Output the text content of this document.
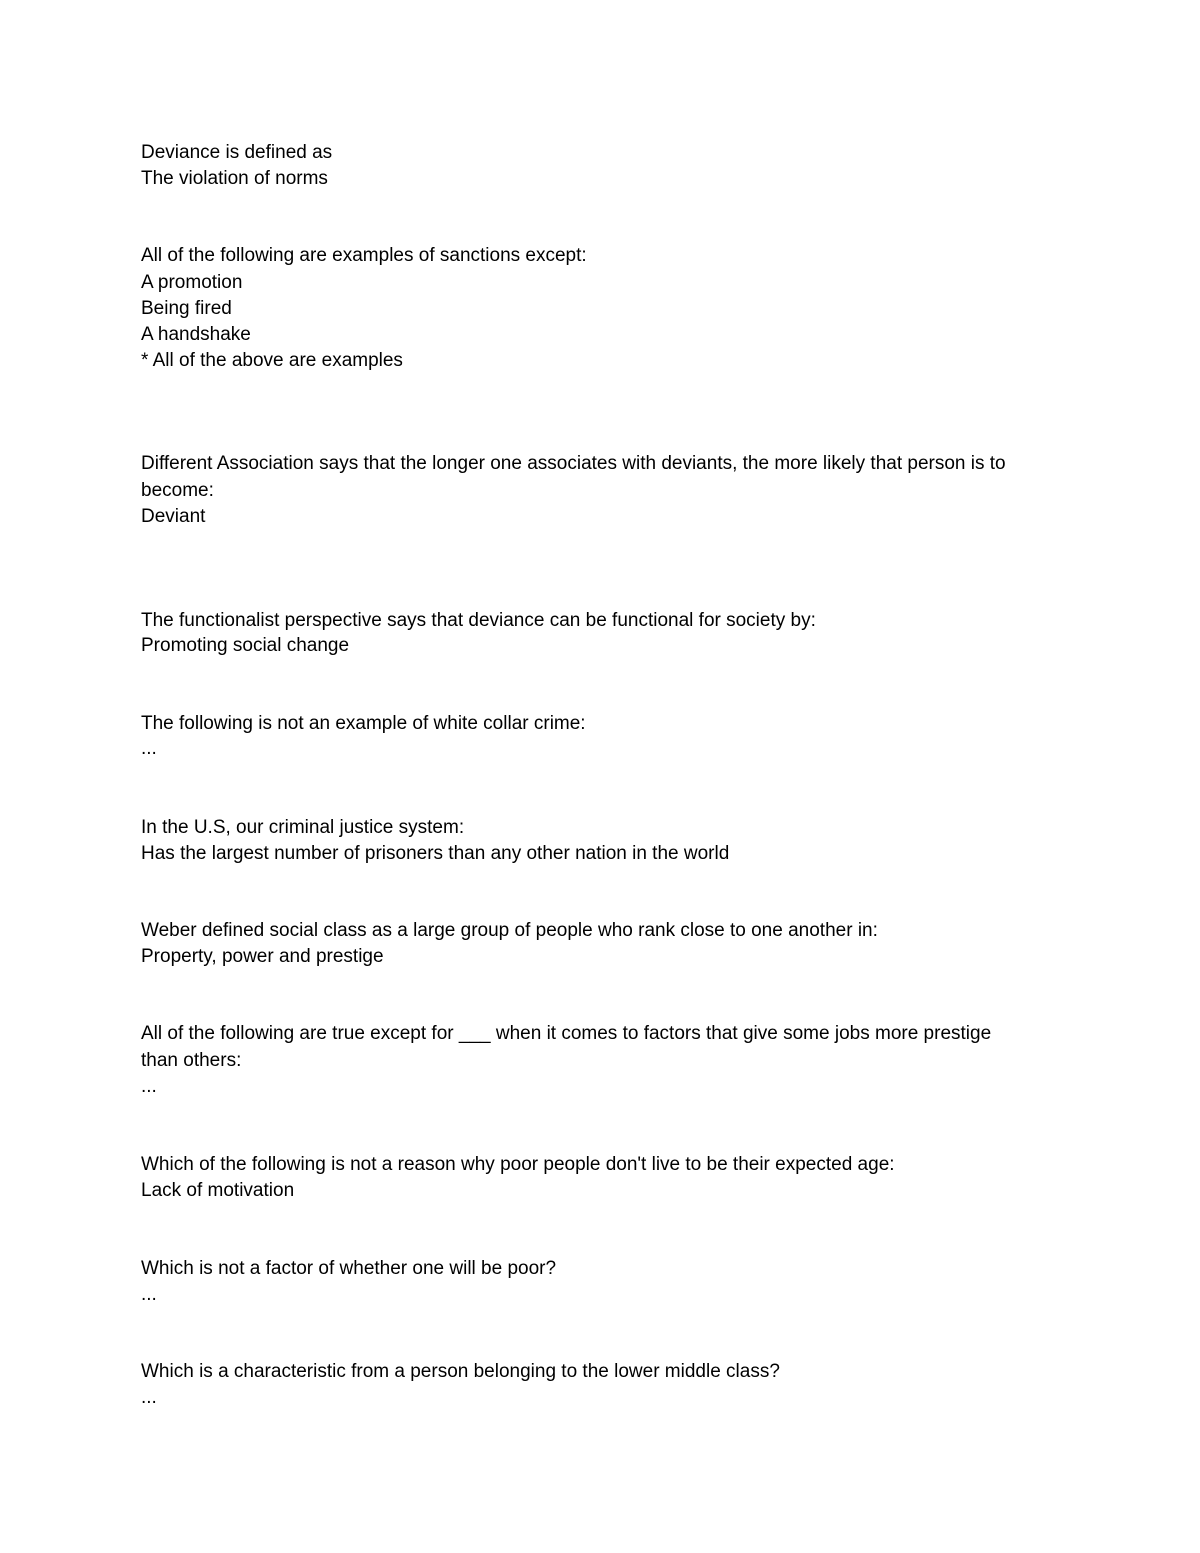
Deviance is defined as
The violation of norms
All of the following are examples of sanctions except:
A promotion
Being fired
A handshake
* All of the above are examples
Different Association says that the longer one associates with deviants, the more likely that person is to
become:
Deviant
The functionalist perspective says that deviance can be functional for society by:
Promoting social change
The following is not an example of white collar crime:
...
In the U.S, our criminal justice system:
Has the largest number of prisoners than any other nation in the world
Weber defined social class as a large group of people who rank close to one another in:
Property, power and prestige
All of the following are true except for ___ when it comes to factors that give some jobs more prestige
than others:
...
Which of the following is not a reason why poor people don't live to be their expected age:
Lack of motivation
Which is not a factor of whether one will be poor?
...
Which is a characteristic from a person belonging to the lower middle class?
...
